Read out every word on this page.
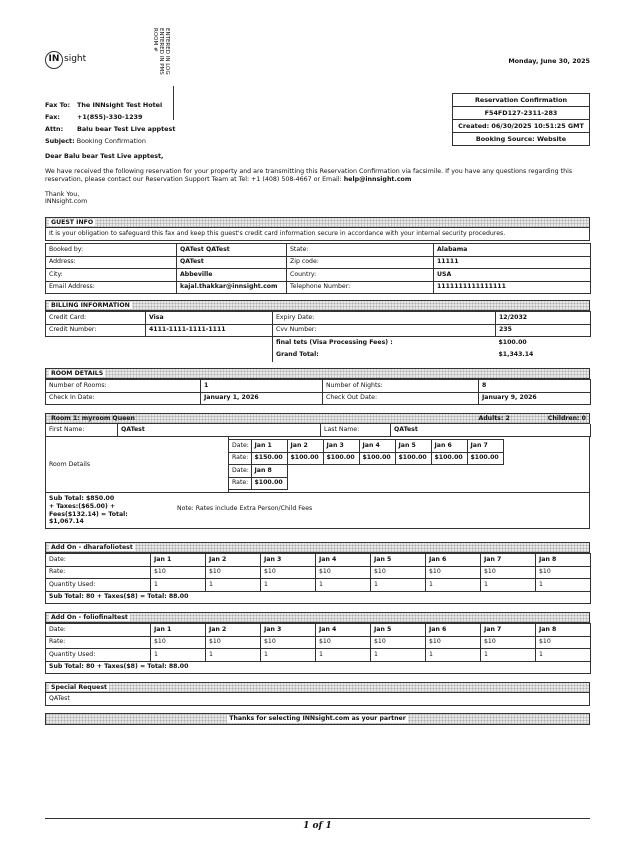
IN sight	ENTERED IN LOG
ENTERED IN PMS
ROOM #
Monday, June 30, 2025
Fax To: The INNsight Test Hotel
Fax:	+1(855)-330-1239
Attn: Balu bear Test Live apptest
Subject: Booking Confirmation
Reservation Confirmation
F54FD127-2311-283
Created: 06/30/2025 10:51:25 GMT
Booking Source: Website
Dear Balu bear Test Live apptest,
We have received the following reservation for your property and are transmitting this Reservation Confirmation via facsimile. If you have any questions regarding this
reservation, please contact our Reservation Support Team at Tel: +1 (408) 508-4667 or Email: help@innsight.com
Thank You,
INNsight.com
GUEST INFO
It is your obligation to safeguard this fax and keep this guest's credit card information secure in accordance with your internal security procedures.
Booked by:	QATest QATest	State:	Alabama
Address:	QATest	Zip code:	11111
City:	Abbeville	Country:	USA
Email Address:	kajal.thakkar@innsight.com	Telephone Number:	1111111111111111
BILLING INFORMATION
Credit Card:	Visa	Expiry Date:	12/2032
Credit Number:	4111-1111-1111-1111	Cvv Number:	235
		final tets (Visa Processing Fees) :	$100.00
		Grand Total:	$1,343.14
ROOM DETAILS
Number of Rooms:	1	Number of Nights:	8
Check In Date:	January 1, 2026	Check Out Date:	January 9, 2026
Room 1: myroom Queen	Adults: 2	Children: 0
First Name:	QATest	Last Name:	QATest
Room Details
Date:	Jan 1	Jan 2	Jan 3	Jan 4	Jan 5	Jan 6	Jan 7
Rate:	$150.00	$100.00	$100.00	$100.00	$100.00	$100.00	$100.00
Date:	Jan 8						
Rate:	$100.00						
Sub Total: $850.00
+ Taxes:($65.00) +
Fees($132.14) = Total:
$1,067.14
Note: Rates include Extra Person/Child Fees
Add On - dharafoliotest
Date:	Jan 1	Jan 2	Jan 3	Jan 4	Jan 5	Jan 6	Jan 7	Jan 8
Rate:	$10	$10	$10	$10	$10	$10	$10	$10
Quantity Used:	1	1	1	1	1	1	1	1
Sub Total: 80 + Taxes($8) = Total: 88.00								
Add On - foliofinaltest
Date:	Jan 1	Jan 2	Jan 3	Jan 4	Jan 5	Jan 6	Jan 7	Jan 8
Rate:	$10	$10	$10	$10	$10	$10	$10	$10
Quantity Used:	1	1	1	1	1	1	1	1
Sub Total: 80 + Taxes($8) = Total: 88.00								
Special Request
QATest
Thanks for selecting INNsight.com as your partner
1 of 1
